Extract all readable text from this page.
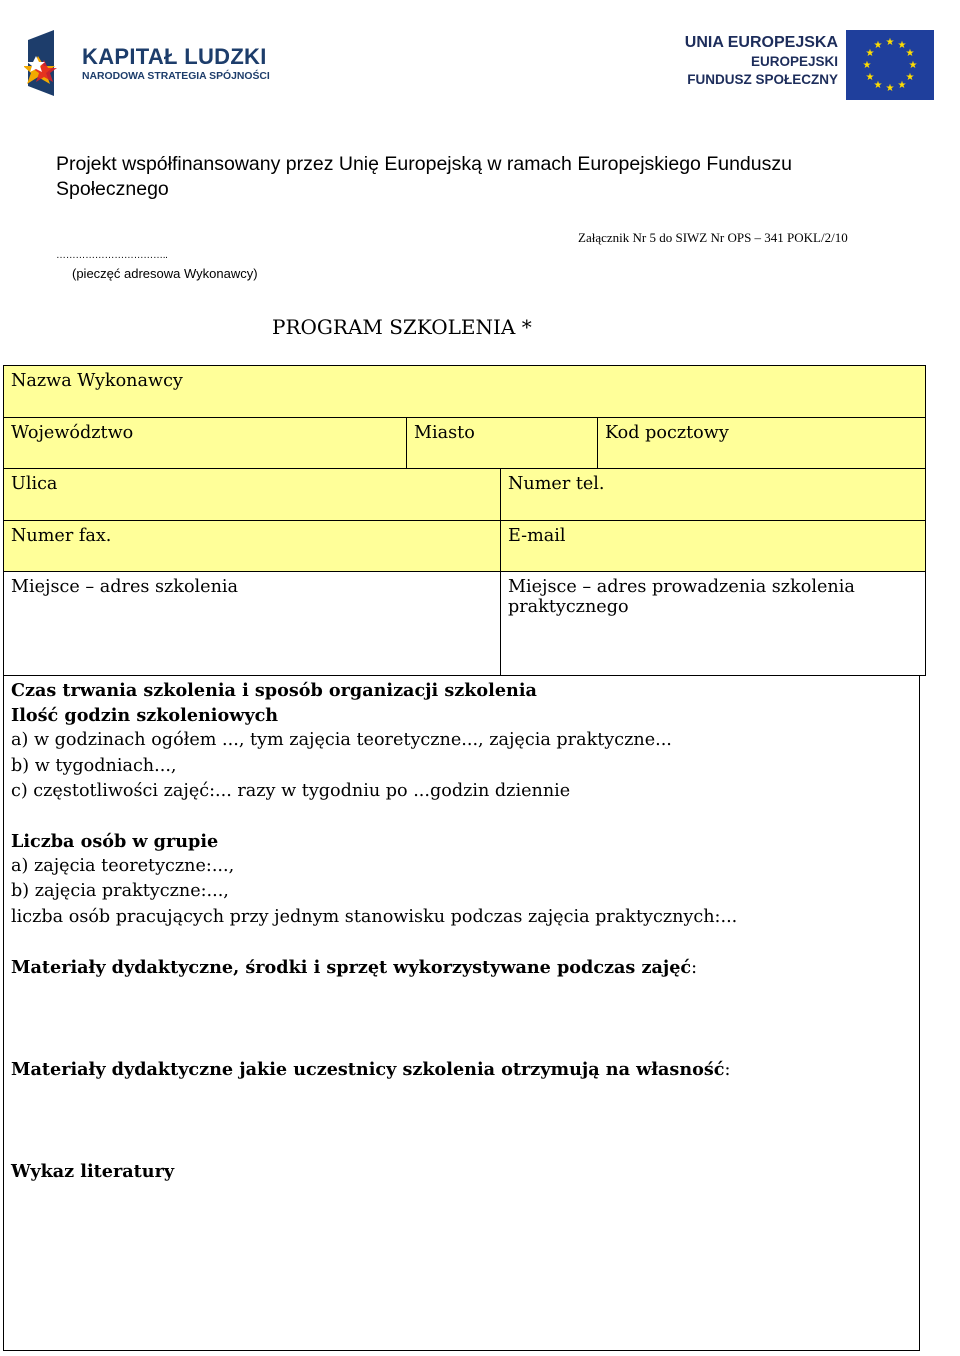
KAPITAŁ LUDZKI
NARODOWA STRATEGIA SPÓJNOŚCI
UNIA EUROPEJSKA
EUROPEJSKI
FUNDUSZ SPOŁECZNY
★ ★
★
★
★
★
★
★
★
★
★
★
Projekt współfinansowany przez Unię Europejską w ramach Europejskiego Funduszu Społecznego
Załącznik Nr 5 do SIWZ Nr OPS – 341 POKL/2/10
……………………………..
(pieczęć adresowa Wykonawcy)
PROGRAM SZKOLENIA *
Nazwa Wykonawcy			

Województwo	Miasto		Kod pocztowy

Ulica		Numer tel.	

Numer fax.		E-mail	

Miejsce – adres szkolenia		Miejsce – adres prowadzenia szkolenia praktycznego	
Czas trwania szkolenia i sposób organizacji szkolenia
Ilość godzin szkoleniowych
a) w godzinach ogółem ..., tym zajęcia teoretyczne..., zajęcia praktyczne...
b) w tygodniach...,
c) częstotliwości zajęć:... razy w tygodniu po ...godzin dziennie
Liczba osób w grupie
a) zajęcia teoretyczne:...,
b) zajęcia praktyczne:...,
liczba osób pracujących przy jednym stanowisku podczas zajęcia praktycznych:...
Materiały dydaktyczne, środki i sprzęt wykorzystywane podczas zajęć:
Materiały dydaktyczne jakie uczestnicy szkolenia otrzymują na własność:
Wykaz literatury
